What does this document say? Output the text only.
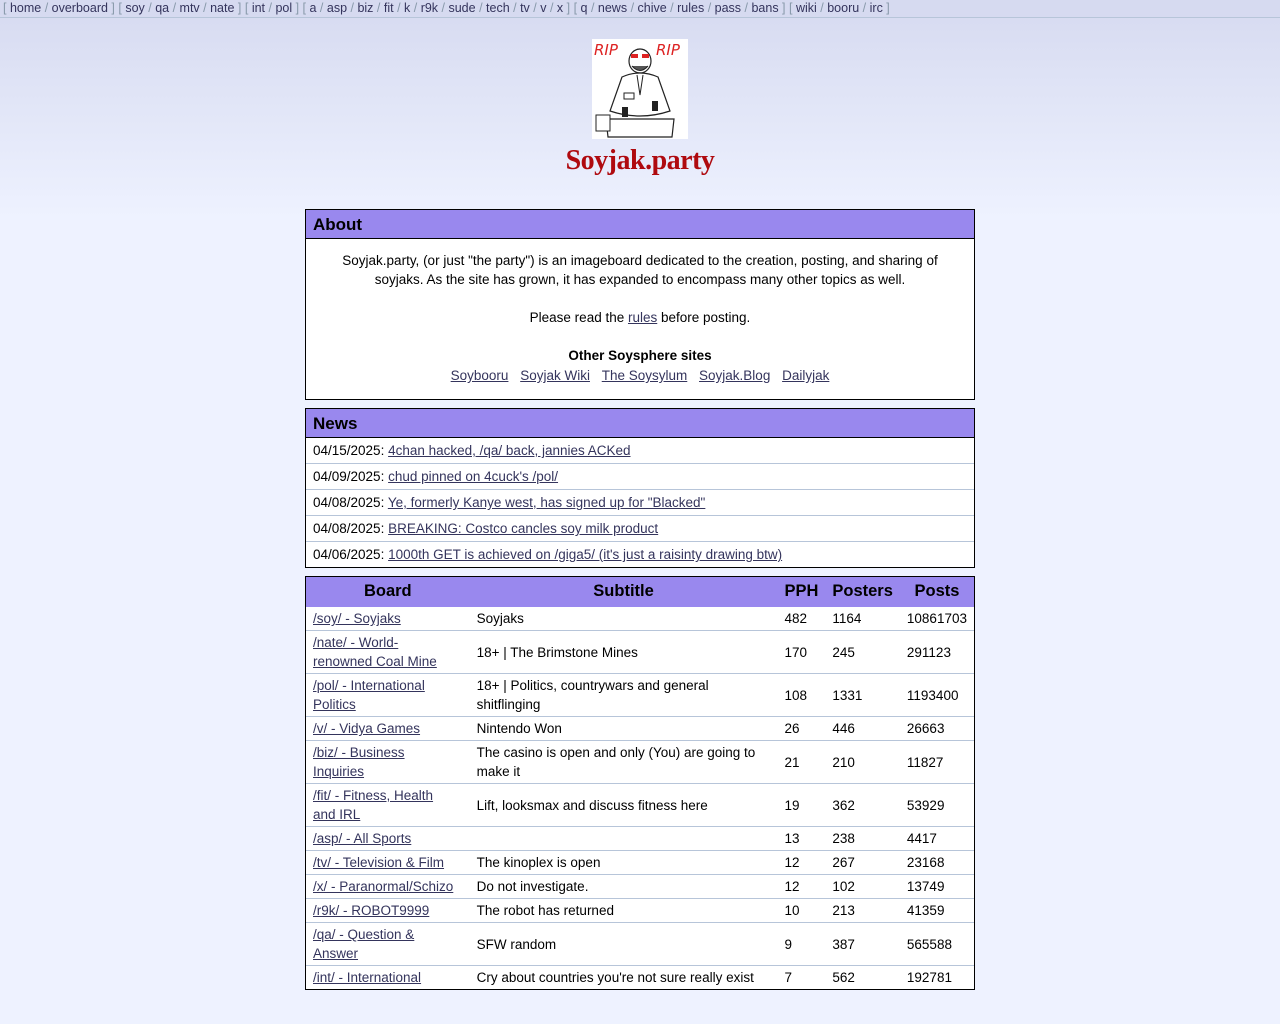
[ home / overboard ] [ soy / qa / mtv / nate ] [ int / pol ] [ a / asp / biz / fit / k / r9k / sude / tech / tv / v / x ] [ q / news / chive / rules / pass / bans ] [ wiki / booru / irc ]
RIP	RIP
Soyjak.party
About

Soyjak.party, (or just "the party") is an imageboard dedicated to the creation, posting, and sharing of soyjaks. As the site has grown, it has expanded to encompass many other topics as well.

Please read the rules before posting.

Other Soysphere sites
Soybooru Soyjak Wiki The Soysylum Soyjak.Blog Dailyjak
News
04/15/2025: 4chan hacked, /qa/ back, jannies ACKed
04/09/2025: chud pinned on 4cuck's /pol/
04/08/2025: Ye, formerly Kanye west, has signed up for "Blacked"
04/08/2025: BREAKING: Costco cancles soy milk product
04/06/2025: 1000th GET is achieved on /giga5/ (it's just a raisinty drawing btw)
Board	Subtitle	PPH	Posters	Posts

/soy/ - Soyjaks	Soyjaks	482	1164	10861703
/nate/ - World-renowned Coal Mine	18+ | The Brimstone Mines	170	245	291123
/pol/ - International Politics	18+ | Politics, countrywars and general shitflinging	108	1331	1193400
/v/ - Vidya Games	Nintendo Won	26	446	26663
/biz/ - Business Inquiries	The casino is open and only (You) are going to make it	21	210	11827
/fit/ - Fitness, Health and IRL	Lift, looksmax and discuss fitness here	19	362	53929
/asp/ - All Sports		13	238	4417
/tv/ - Television & Film	The kinoplex is open	12	267	23168
/x/ - Paranormal/Schizo	Do not investigate.	12	102	13749
/r9k/ - ROBOT9999	The robot has returned	10	213	41359
/qa/ - Question & Answer	SFW random	9	387	565588
/int/ - International	Cry about countries you're not sure really exist	7	562	192781
